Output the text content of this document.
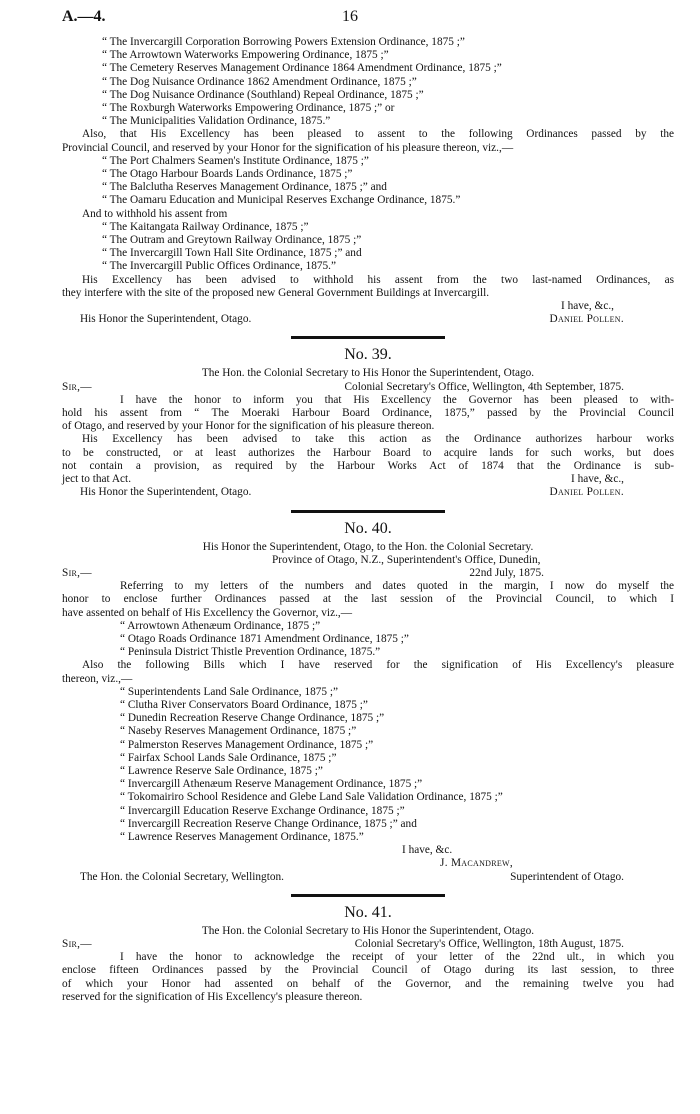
A.—4.	16
“ The Invercargill Corporation Borrowing Powers Extension Ordinance, 1875 ;”
“ The Arrowtown Waterworks Empowering Ordinance, 1875 ;”
“ The Cemetery Reserves Management Ordinance 1864 Amendment Ordinance, 1875 ;”
“ The Dog Nuisance Ordinance 1862 Amendment Ordinance, 1875 ;”
“ The Dog Nuisance Ordinance (Southland) Repeal Ordinance, 1875 ;”
“ The Roxburgh Waterworks Empowering Ordinance, 1875 ;” or
“ The Municipalities Validation Ordinance, 1875.”
Also, that His Excellency has been pleased to assent to the following Ordinances passed by the
Provincial Council, and reserved by your Honor for the signification of his pleasure thereon, viz.,—
“ The Port Chalmers Seamen's Institute Ordinance, 1875 ;”
“ The Otago Harbour Boards Lands Ordinance, 1875 ;”
“ The Balclutha Reserves Management Ordinance, 1875 ;” and
“ The Oamaru Education and Municipal Reserves Exchange Ordinance, 1875.”
And to withhold his assent from
“ The Kaitangata Railway Ordinance, 1875 ;”
“ The Outram and Greytown Railway Ordinance, 1875 ;”
“ The Invercargill Town Hall Site Ordinance, 1875 ;” and
“ The Invercargill Public Offices Ordinance, 1875.”
His Excellency has been advised to withhold his assent from the two last-named Ordinances, as
they interfere with the site of the proposed new General Government Buildings at Invercargill.
I have, &c.,
His Honor the Superintendent, Otago.	Daniel Pollen.
No. 39.
The Hon. the Colonial Secretary to His Honor the Superintendent, Otago.
Sir,—	Colonial Secretary's Office, Wellington, 4th September, 1875.
I have the honor to inform you that His Excellency the Governor has been pleased to with-
hold his assent from “ The Moeraki Harbour Board Ordinance, 1875,” passed by the Provincial Council
of Otago, and reserved by your Honor for the signification of his pleasure thereon.
His Excellency has been advised to take this action as the Ordinance authorizes harbour works
to be constructed, or at least authorizes the Harbour Board to acquire lands for such works, but does
not contain a provision, as required by the Harbour Works Act of 1874 that the Ordinance is sub-
ject to that Act.	I have, &c.,
His Honor the Superintendent, Otago.	Daniel Pollen.
No. 40.
His Honor the Superintendent, Otago, to the Hon. the Colonial Secretary.
Province of Otago, N.Z., Superintendent's Office, Dunedin,
Sir,—	22nd July, 1875.
Referring to my letters of the numbers and dates quoted in the margin, I now do myself the
honor to enclose further Ordinances passed at the last session of the Provincial Council, to which I
have assented on behalf of His Excellency the Governor, viz.,—
“ Arrowtown Athenæum Ordinance, 1875 ;”
“ Otago Roads Ordinance 1871 Amendment Ordinance, 1875 ;”
“ Peninsula District Thistle Prevention Ordinance, 1875.”
Also the following Bills which I have reserved for the signification of His Excellency's pleasure
thereon, viz.,—
“ Superintendents Land Sale Ordinance, 1875 ;”
“ Clutha River Conservators Board Ordinance, 1875 ;”
“ Dunedin Recreation Reserve Change Ordinance, 1875 ;”
“ Naseby Reserves Management Ordinance, 1875 ;”
“ Palmerston Reserves Management Ordinance, 1875 ;”
“ Fairfax School Lands Sale Ordinance, 1875 ;”
“ Lawrence Reserve Sale Ordinance, 1875 ;”
“ Invercargill Athenæum Reserve Management Ordinance, 1875 ;”
“ Tokomairiro School Residence and Glebe Land Sale Validation Ordinance, 1875 ;”
“ Invercargill Education Reserve Exchange Ordinance, 1875 ;”
“ Invercargill Recreation Reserve Change Ordinance, 1875 ;” and
“ Lawrence Reserves Management Ordinance, 1875.”
I have, &c.
J. Macandrew,
The Hon. the Colonial Secretary, Wellington.	Superintendent of Otago.
No. 41.
The Hon. the Colonial Secretary to His Honor the Superintendent, Otago.
Sir,—	Colonial Secretary's Office, Wellington, 18th August, 1875.
I have the honor to acknowledge the receipt of your letter of the 22nd ult., in which you
enclose fifteen Ordinances passed by the Provincial Council of Otago during its last session, to three
of which your Honor had assented on behalf of the Governor, and the remaining twelve you had
reserved for the signification of His Excellency's pleasure thereon.
